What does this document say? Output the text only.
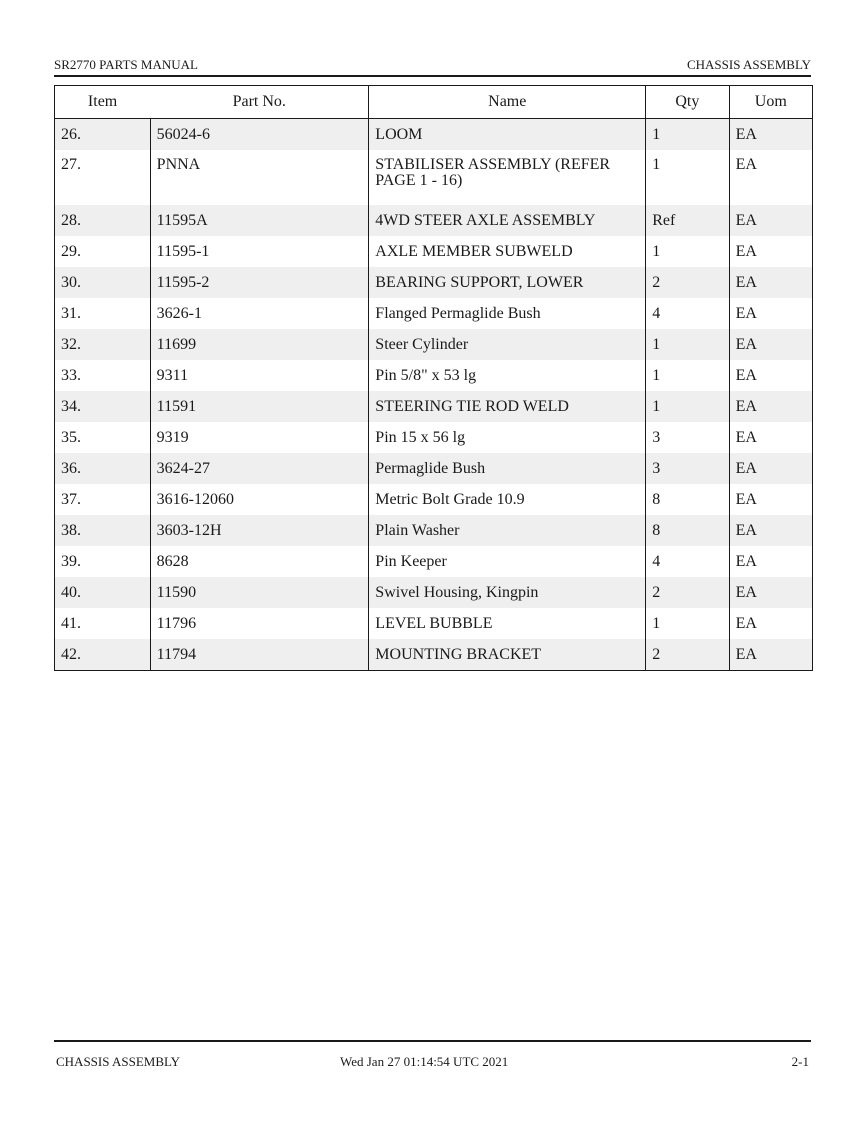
SR2770 PARTS MANUAL	CHASSIS ASSEMBLY
Item	Part No.	Name	Qty	Uom
26.	56024-6	LOOM	1	EA
27.	PNNA	STABILISER ASSEMBLY (REFER PAGE 1 - 16)	1	EA
28.	11595A	4WD STEER AXLE ASSEMBLY	Ref	EA
29.	11595-1	AXLE MEMBER SUBWELD	1	EA
30.	11595-2	BEARING SUPPORT, LOWER	2	EA
31.	3626-1	Flanged Permaglide Bush	4	EA
32.	11699	Steer Cylinder	1	EA
33.	9311	Pin 5/8" x 53 lg	1	EA
34.	11591	STEERING TIE ROD WELD	1	EA
35.	9319	Pin 15 x 56 lg	3	EA
36.	3624-27	Permaglide Bush	3	EA
37.	3616-12060	Metric Bolt Grade 10.9	8	EA
38.	3603-12H	Plain Washer	8	EA
39.	8628	Pin Keeper	4	EA
40.	11590	Swivel Housing, Kingpin	2	EA
41.	11796	LEVEL BUBBLE	1	EA
42.	11794	MOUNTING BRACKET	2	EA
CHASSIS ASSEMBLY	Wed Jan 27 01:14:54 UTC 2021	2-1
